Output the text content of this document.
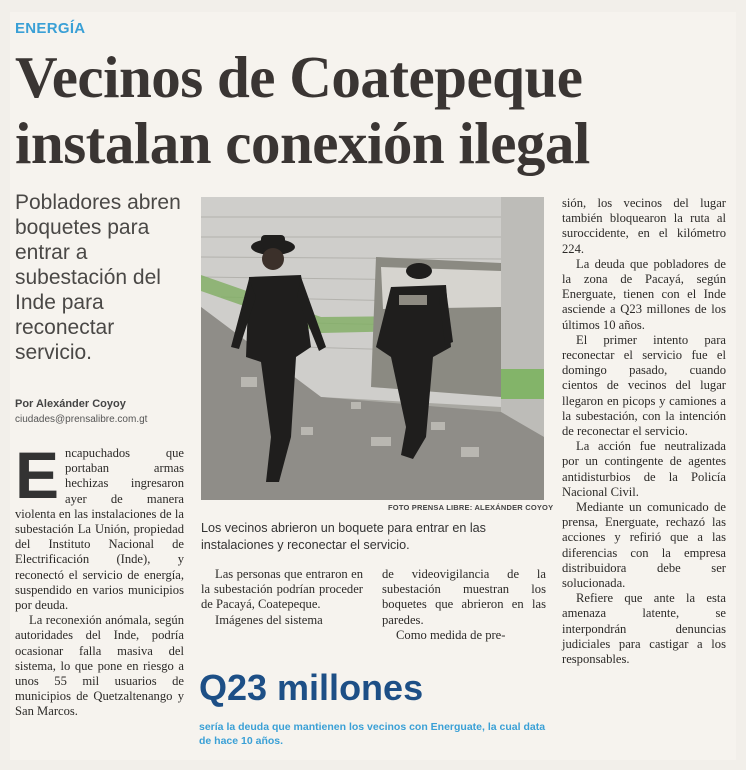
ENERGÍA
Vecinos de Coatepeque instalan conexión ilegal
Pobladores abren boquetes para entrar a subestación del Inde para reconectar servicio.
Por Alexánder Coyoy
ciudades@prensalibre.com.gt
E ncapuchados que portaban armas hechizas ingresaron ayer de manera violenta en las instalaciones de la subestación La Unión, propiedad del Instituto Nacional de Electrificación (Inde), y reconectó el servicio de energía, suspendido en varios municipios por deuda.

La reconexión anómala, según autoridades del Inde, podría ocasionar falla masiva del sistema, lo que pone en riesgo a unos 55 mil usuarios de municipios de Quetzaltenango y San Marcos.

FOTO PRENSA LIBRE: ALEXÁNDER COYOY
Los vecinos abrieron un boquete para entrar en las instalaciones y reconectar el servicio.

Las personas que entraron en la subestación podrían proceder de Pacayá, Coatepeque.

Imágenes del sistema

de videovigilancia de la subestación muestran los boquetes que abrieron en las paredes.

Como medida de pre-

sión, los vecinos del lugar también bloquearon la ruta al suroccidente, en el kilómetro 224.

La deuda que pobladores de la zona de Pacayá, según Energuate, tienen con el Inde asciende a Q23 millones de los últimos 10 años.

El primer intento para reconectar el servicio fue el domingo pasado, cuando cientos de vecinos del lugar llegaron en picops y camiones a la subestación, con la intención de reconectar el servicio.

La acción fue neutralizada por un contingente de agentes antidisturbios de la Policía Nacional Civil.

Mediante un comunicado de prensa, Energuate, rechazó las acciones y refirió que a las diferencias con la empresa distribuidora debe ser solucionada.

Refiere que ante la esta amenaza latente, se interpondrán denuncias judiciales para castigar a los responsables.

Q23 millones
sería la deuda que mantienen los vecinos con Energuate, la cual data de hace 10 años.
